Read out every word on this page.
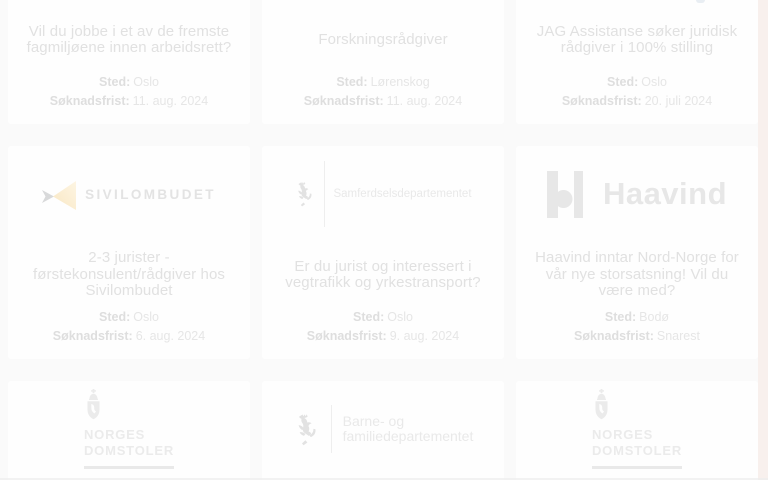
Vil du jobbe i et av de fremste fagmiljøene innen arbeidsrett?

Sted: Oslo

Søknadsfrist: 11. aug. 2024

Forskningsrådgiver

Sted: Lørenskog

Søknadsfrist: 11. aug. 2024

JAG Assistanse søker juridisk rådgiver i 100% stilling

Sted: Oslo

Søknadsfrist: 20. juli 2024

SIVILOMBUDET
2-3 jurister - førstekonsulent/rådgiver hos Sivilombudet

Sted: Oslo

Søknadsfrist: 6. aug. 2024

Samferdselsdepartementet
Er du jurist og interessert i vegtrafikk og yrkestransport?

Sted: Oslo

Søknadsfrist: 9. aug. 2024

Haavind
Haavind inntar Nord-Norge for vår nye storsatsning! Vil du være med?

Sted: Bodø

Søknadsfrist: Snarest

NORGES
DOMSTOLER
Barne- og
familiedepartementet	NORGES
DOMSTOLER
